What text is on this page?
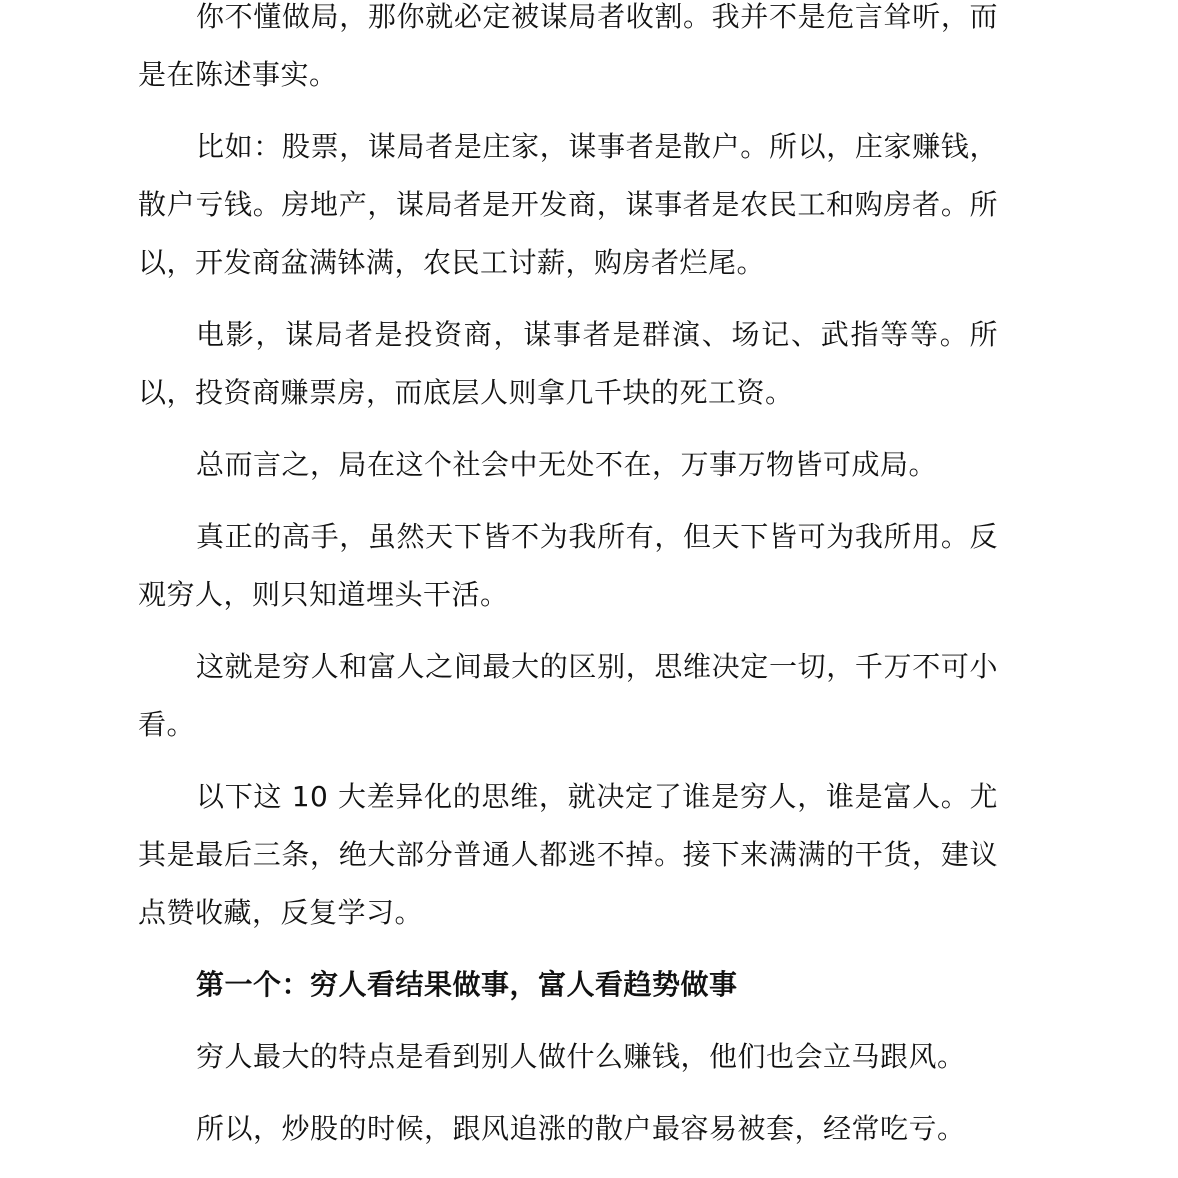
你不懂做局，那你就必定被谋局者收割。我并不是危言耸听，而是在陈述事实。

比如：股票，谋局者是庄家，谋事者是散户。所以，庄家赚钱，散户亏钱。房地产，谋局者是开发商，谋事者是农民工和购房者。所以，开发商盆满钵满，农民工讨薪，购房者烂尾。

电影，谋局者是投资商，谋事者是群演、场记、武指等等。所以，投资商赚票房，而底层人则拿几千块的死工资。

总而言之，局在这个社会中无处不在，万事万物皆可成局。

真正的高手，虽然天下皆不为我所有，但天下皆可为我所用。反观穷人，则只知道埋头干活。

这就是穷人和富人之间最大的区别，思维决定一切，千万不可小看。

以下这 10 大差异化的思维，就决定了谁是穷人，谁是富人。尤其是最后三条，绝大部分普通人都逃不掉。接下来满满的干货，建议点赞收藏，反复学习。

第一个：穷人看结果做事，富人看趋势做事

穷人最大的特点是看到别人做什么赚钱，他们也会立马跟风。

所以，炒股的时候，跟风追涨的散户最容易被套，经常吃亏。
